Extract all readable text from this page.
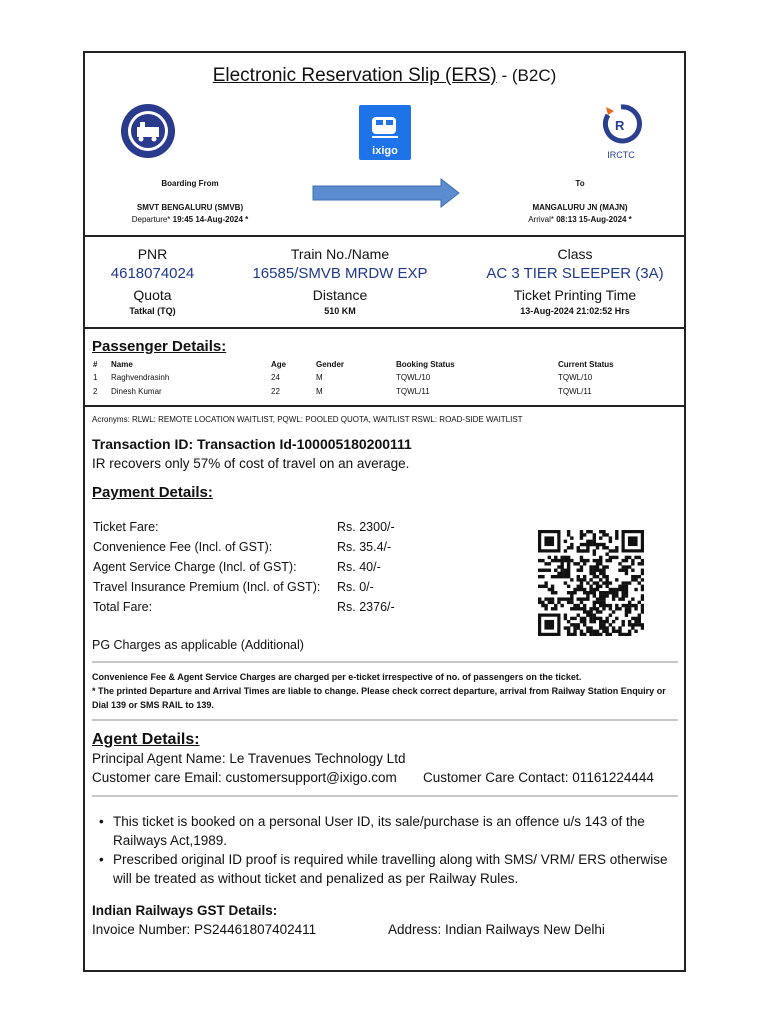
Electronic Reservation Slip (ERS) - (B2C)
ixigo
R
IRCTC
Boarding From
SMVT BENGALURU (SMVB)
Departure* 19:45 14-Aug-2024 *
To
MANGALURU JN (MAJN)
Arrival* 08:13 15-Aug-2024 *
PNR
4618074024
Quota
Tatkal (TQ)
Train No./Name
16585/SMVB MRDW EXP
Distance
510 KM
Class
AC 3 TIER SLEEPER (3A)
Ticket Printing Time
13-Aug-2024 21:02:52 Hrs
Passenger Details:
# Name	Age	Gender	Booking Status	Current Status
1 Raghvendrasinh	24	M	TQWL/10	TQWL/10
2 Dinesh Kumar	22	M	TQWL/11	TQWL/11
Acronyms: RLWL: REMOTE LOCATION WAITLIST, PQWL: POOLED QUOTA, WAITLIST RSWL: ROAD-SIDE WAITLIST
Transaction ID: Transaction Id-100005180200111
IR recovers only 57% of cost of travel on an average.
Payment Details:
Ticket Fare:	Rs. 2300/-
Convenience Fee (Incl. of GST):	Rs. 35.4/-
Agent Service Charge (Incl. of GST):	Rs. 40/-
Travel Insurance Premium (Incl. of GST): Rs. 0/-
Total Fare:	Rs. 2376/-
PG Charges as applicable (Additional)
Convenience Fee & Agent Service Charges are charged per e-ticket irrespective of no. of passengers on the ticket.
* The printed Departure and Arrival Times are liable to change. Please check correct departure, arrival from Railway Station Enquiry or Dial 139 or SMS RAIL to 139.
Agent Details:
Principal Agent Name: Le Travenues Technology Ltd
Customer care Email: customersupport@ixigo.com Customer Care Contact: 01161224444
• This ticket is booked on a personal User ID, its sale/purchase is an offence u/s 143 of the Railways Act,1989.
• Prescribed original ID proof is required while travelling along with SMS/ VRM/ ERS otherwise will be treated as without ticket and penalized as per Railway Rules.
Indian Railways GST Details:
Invoice Number: PS24461807402411	Address: Indian Railways New Delhi
